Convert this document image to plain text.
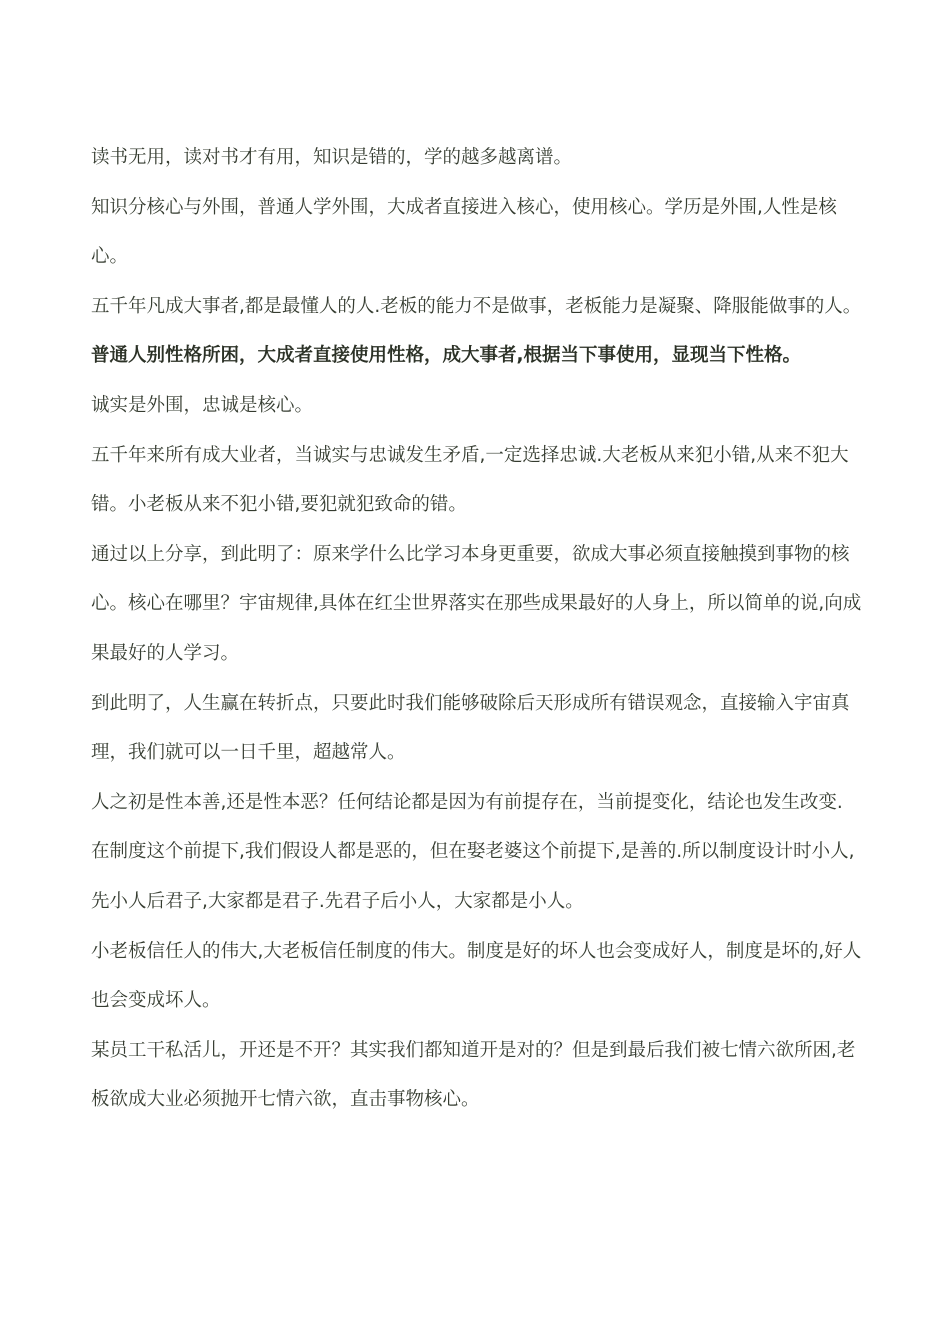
读书无用，读对书才有用，知识是错的，学的越多越离谱。

知识分核心与外围，普通人学外围，大成者直接进入核心，使用核心。学历是外围,人性是核心。

五千年凡成大事者,都是最懂人的人.老板的能力不是做事，老板能力是凝聚、降服能做事的人。

普通人别性格所困，大成者直接使用性格，成大事者,根据当下事使用，显现当下性格。

诚实是外围，忠诚是核心。

五千年来所有成大业者，当诚实与忠诚发生矛盾,一定选择忠诚.大老板从来犯小错,从来不犯大错。小老板从来不犯小错,要犯就犯致命的错。

通过以上分享，到此明了：原来学什么比学习本身更重要，欲成大事必须直接触摸到事物的核心。核心在哪里？宇宙规律,具体在红尘世界落实在那些成果最好的人身上，所以简单的说,向成果最好的人学习。

到此明了，人生赢在转折点，只要此时我们能够破除后天形成所有错误观念，直接输入宇宙真理，我们就可以一日千里，超越常人。

人之初是性本善,还是性本恶？任何结论都是因为有前提存在，当前提变化，结论也发生改变.

在制度这个前提下,我们假设人都是恶的，但在娶老婆这个前提下,是善的.所以制度设计时小人,先小人后君子,大家都是君子.先君子后小人，大家都是小人。

小老板信任人的伟大,大老板信任制度的伟大。制度是好的坏人也会变成好人，制度是坏的,好人也会变成坏人。

某员工干私活儿，开还是不开？其实我们都知道开是对的？但是到最后我们被七情六欲所困,老板欲成大业必须抛开七情六欲，直击事物核心。
